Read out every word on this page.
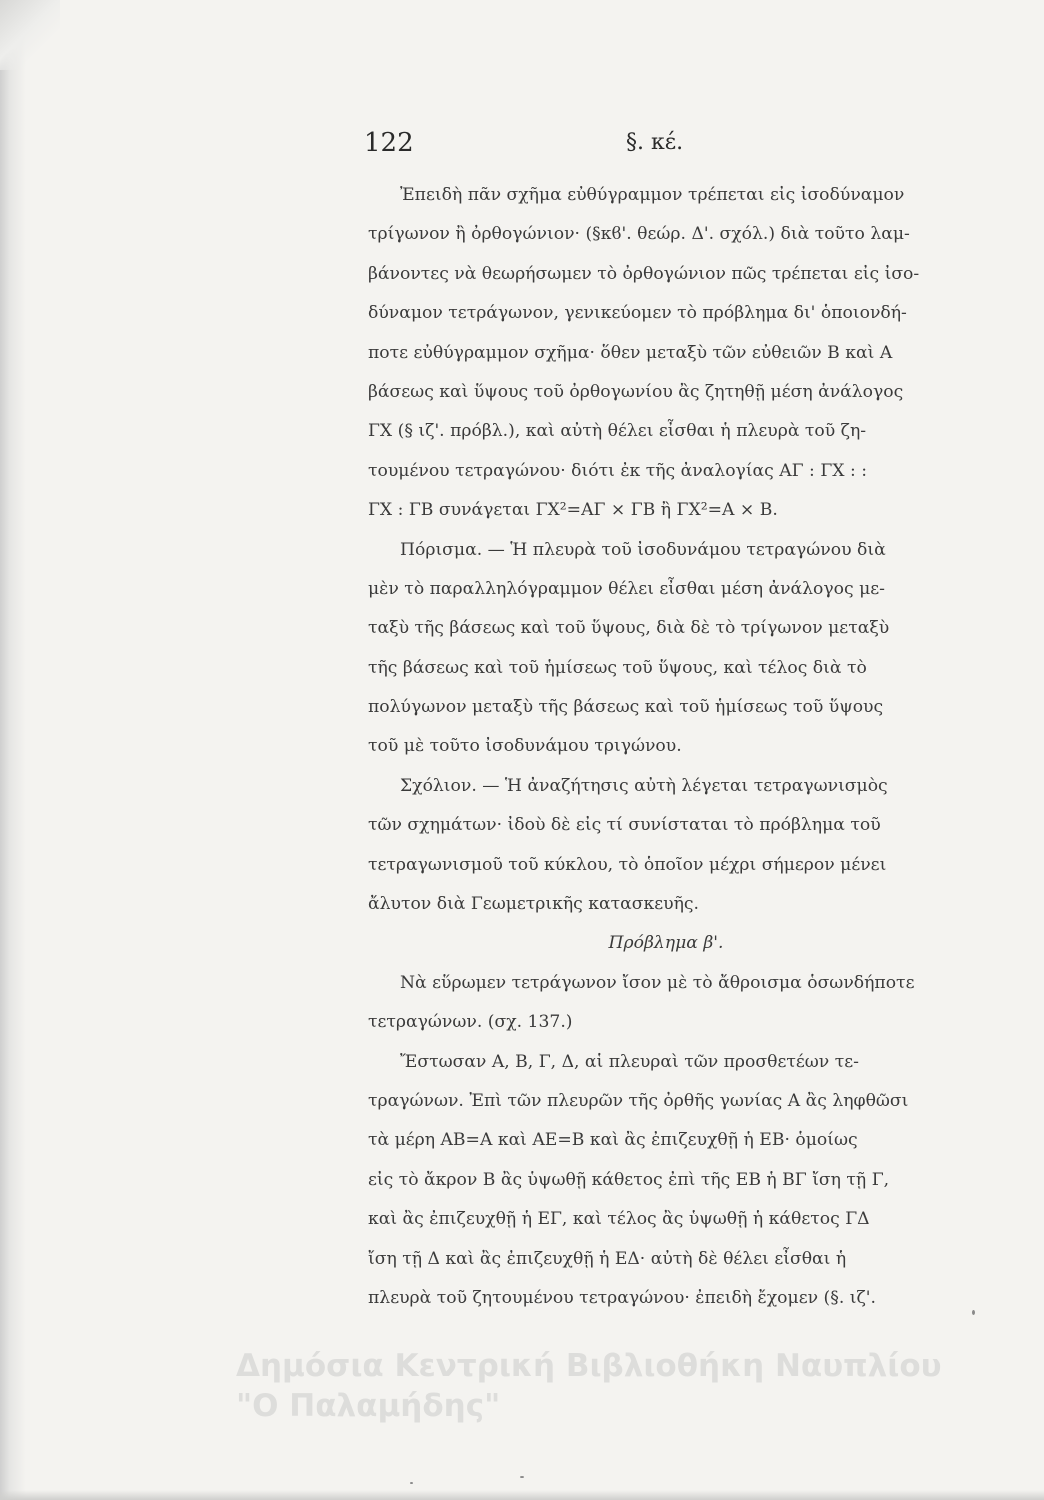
122	§. κέ.
Ἐπειδὴ πᾶν σχῆμα εὐθύγραμμον τρέπεται εἰς ἰσοδύναμον
τρίγωνον ἢ ὀρθογώνιον· (§κϐ'. θεώρ. Δ'. σχόλ.) διὰ τοῦτο λαμ-
βάνοντες νὰ θεωρήσωμεν τὸ ὀρθογώνιον πῶς τρέπεται εἰς ἰσο-
δύναμον τετράγωνον, γενικεύομεν τὸ πρόβλημα δι' ὁποιονδή-
ποτε εὐθύγραμμον σχῆμα· ὅθεν μεταξὺ τῶν εὐθειῶν Β καὶ Α
βάσεως καὶ ὕψους τοῦ ὀρθογωνίου ἂς ζητηθῇ μέση ἀνάλογος
ΓΧ (§ ιζ'. πρόβλ.), καὶ αὐτὴ θέλει εἶσθαι ἡ πλευρὰ τοῦ ζη-
τουμένου τετραγώνου· διότι ἐκ τῆς ἀναλογίας ΑΓ : ΓΧ : :
ΓΧ : ΓΒ συνάγεται ΓΧ²=ΑΓ × ΓΒ ἢ ΓΧ²=Α × Β.
Πόρισμα. — Ἡ πλευρὰ τοῦ ἰσοδυνάμου τετραγώνου διὰ
μὲν τὸ παραλληλόγραμμον θέλει εἶσθαι μέση ἀνάλογος με-
ταξὺ τῆς βάσεως καὶ τοῦ ὕψους, διὰ δὲ τὸ τρίγωνον μεταξὺ
τῆς βάσεως καὶ τοῦ ἡμίσεως τοῦ ὕψους, καὶ τέλος διὰ τὸ
πολύγωνον μεταξὺ τῆς βάσεως καὶ τοῦ ἡμίσεως τοῦ ὕψους
τοῦ μὲ τοῦτο ἰσοδυνάμου τριγώνου.
Σχόλιον. — Ἡ ἀναζήτησις αὐτὴ λέγεται τετραγωνισμὸς
τῶν σχημάτων· ἰδοὺ δὲ εἰς τί συνίσταται τὸ πρόβλημα τοῦ
τετραγωνισμοῦ τοῦ κύκλου, τὸ ὁποῖον μέχρι σήμερον μένει
ἄλυτον διὰ Γεωμετρικῆς κατασκευῆς.
Πρόβλημα β'.
Νὰ εὕρωμεν τετράγωνον ἴσον μὲ τὸ ἄθροισμα ὁσωνδήποτε
τετραγώνων. (σχ. 137.)
Ἔστωσαν Α, Β, Γ, Δ, αἱ πλευραὶ τῶν προσθετέων τε-
τραγώνων. Ἐπὶ τῶν πλευρῶν τῆς ὀρθῆς γωνίας Α ἂς ληφθῶσι
τὰ μέρη ΑΒ=Α καὶ ΑΕ=Β καὶ ἂς ἐπιζευχθῇ ἡ ΕΒ· ὁμοίως
εἰς τὸ ἄκρον Β ἂς ὑψωθῇ κάθετος ἐπὶ τῆς ΕΒ ἡ ΒΓ ἴση τῇ Γ,
καὶ ἂς ἐπιζευχθῇ ἡ ΕΓ, καὶ τέλος ἂς ὑψωθῇ ἡ κάθετος ΓΔ
ἴση τῇ Δ καὶ ἂς ἐπιζευχθῇ ἡ ΕΔ· αὐτὴ δὲ θέλει εἶσθαι ἡ
πλευρὰ τοῦ ζητουμένου τετραγώνου· ἐπειδὴ ἔχομεν (§. ιζ'.
Δημόσια Κεντρική Βιβλιοθήκη Ναυπλίου
"Ο Παλαμήδης"
